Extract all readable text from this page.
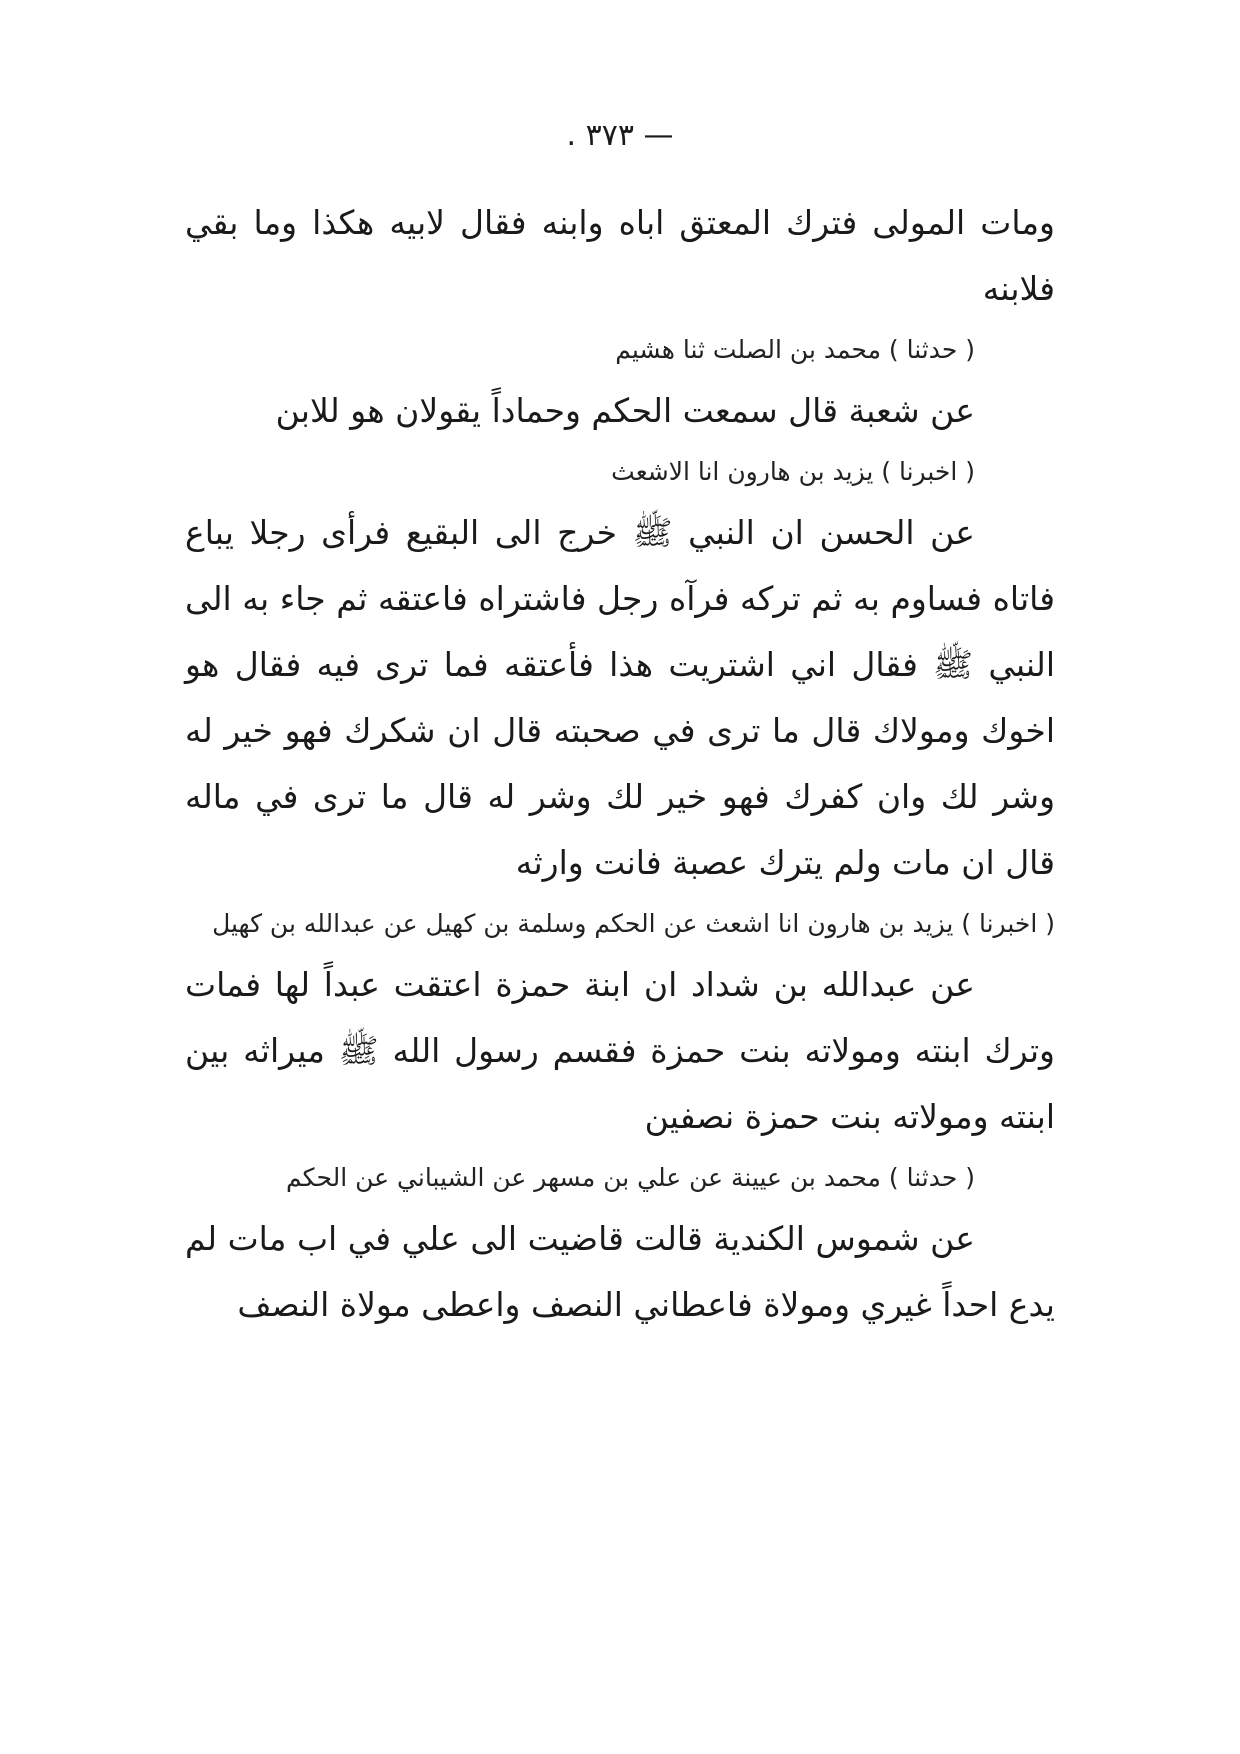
— ٣٧٣ .

ومات المولى فترك المعتق اباه وابنه فقال لابيه هكذا وما بقي فلابنه

( حدثنا ) محمد بن الصلت ثنا هشيم

عن شعبة قال سمعت الحكم وحماداً يقولان هو للابن

( اخبرنا ) يزيد بن هارون انا الاشعث

عن الحسن ان النبي ﷺ خرج الى البقيع فرأى رجلا يباع فاتاه فساوم به ثم تركه فرآه رجل فاشتراه فاعتقه ثم جاء به الى النبي ﷺ فقال اني اشتريت هذا فأعتقه فما ترى فيه فقال هو اخوك ومولاك قال ما ترى في صحبته قال ان شكرك فهو خير له وشر لك وان كفرك فهو خير لك وشر له قال ما ترى في ماله قال ان مات ولم يترك عصبة فانت وارثه

( اخبرنا ) يزيد بن هارون انا اشعث عن الحكم وسلمة بن كهيل عن عبدالله بن كهيل

عن عبدالله بن شداد ان ابنة حمزة اعتقت عبداً لها فمات وترك ابنته ومولاته بنت حمزة فقسم رسول الله ﷺ ميراثه بين ابنته ومولاته بنت حمزة نصفين

( حدثنا ) محمد بن عيينة عن علي بن مسهر عن الشيباني عن الحكم

عن شموس الكندية قالت قاضيت الى علي في اب مات لم يدع احداً غيري ومولاة فاعطاني النصف واعطى مولاة النصف
